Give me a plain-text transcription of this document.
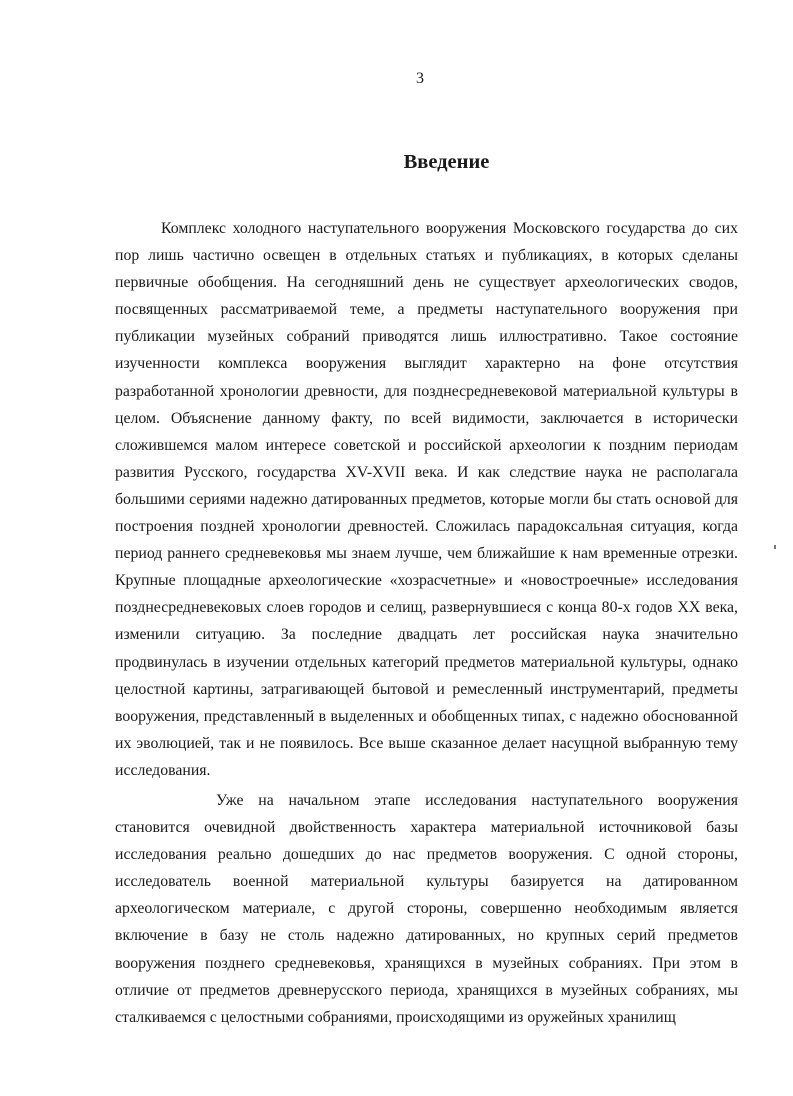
3
Введение

Комплекс холодного наступательного вооружения Московского государства до сих пор лишь частично освещен в отдельных статьях и публикациях, в которых сделаны первичные обобщения. На сегодняшний день не существует археологических сводов, посвященных рассматриваемой теме, а предметы наступательного вооружения при публикации музейных собраний приводятся лишь иллюстративно. Такое состояние изученности комплекса вооружения выглядит характерно на фоне отсутствия разработанной хронологии древности, для позднесредневековой материальной культуры в целом. Объяснение данному факту, по всей видимости, заключается в исторически сложившемся малом интересе советской и российской археологии к поздним периодам развития Русского, государства XV-XVII века. И как следствие наука не располагала большими сериями надежно датированных предметов, которые могли бы стать основой для построения поздней хронологии древностей. Сложилась парадоксальная ситуация, когда период раннего средневековья мы знаем лучше, чем ближайшие к нам временные отрезки. Крупные площадные археологические «хозрасчетные» и «новостроечные» исследования позднесредневековых слоев городов и селищ, развернувшиеся с конца 80-х годов XX века, изменили ситуацию. За последние двадцать лет российская наука значительно продвинулась в изучении отдельных категорий предметов материальной культуры, однако целостной картины, затрагивающей бытовой и ремесленный инструментарий, предметы вооружения, представленный в выделенных и обобщенных типах, с надежно обоснованной их эволюцией, так и не появилось. Все выше сказанное делает насущной выбранную тему исследования.

Уже на начальном этапе исследования наступательного вооружения становится очевидной двойственность характера материальной источниковой базы исследования реально дошедших до нас предметов вооружения. С одной стороны, исследователь военной материальной культуры базируется на датированном археологическом материале, с другой стороны, совершенно необходимым является включение в базу не столь надежно датированных, но крупных серий предметов вооружения позднего средневековья, хранящихся в музейных собраниях. При этом в отличие от предметов древнерусского периода, хранящихся в музейных собраниях, мы сталкиваемся с целостными собраниями, происходящими из оружейных хранилищ
